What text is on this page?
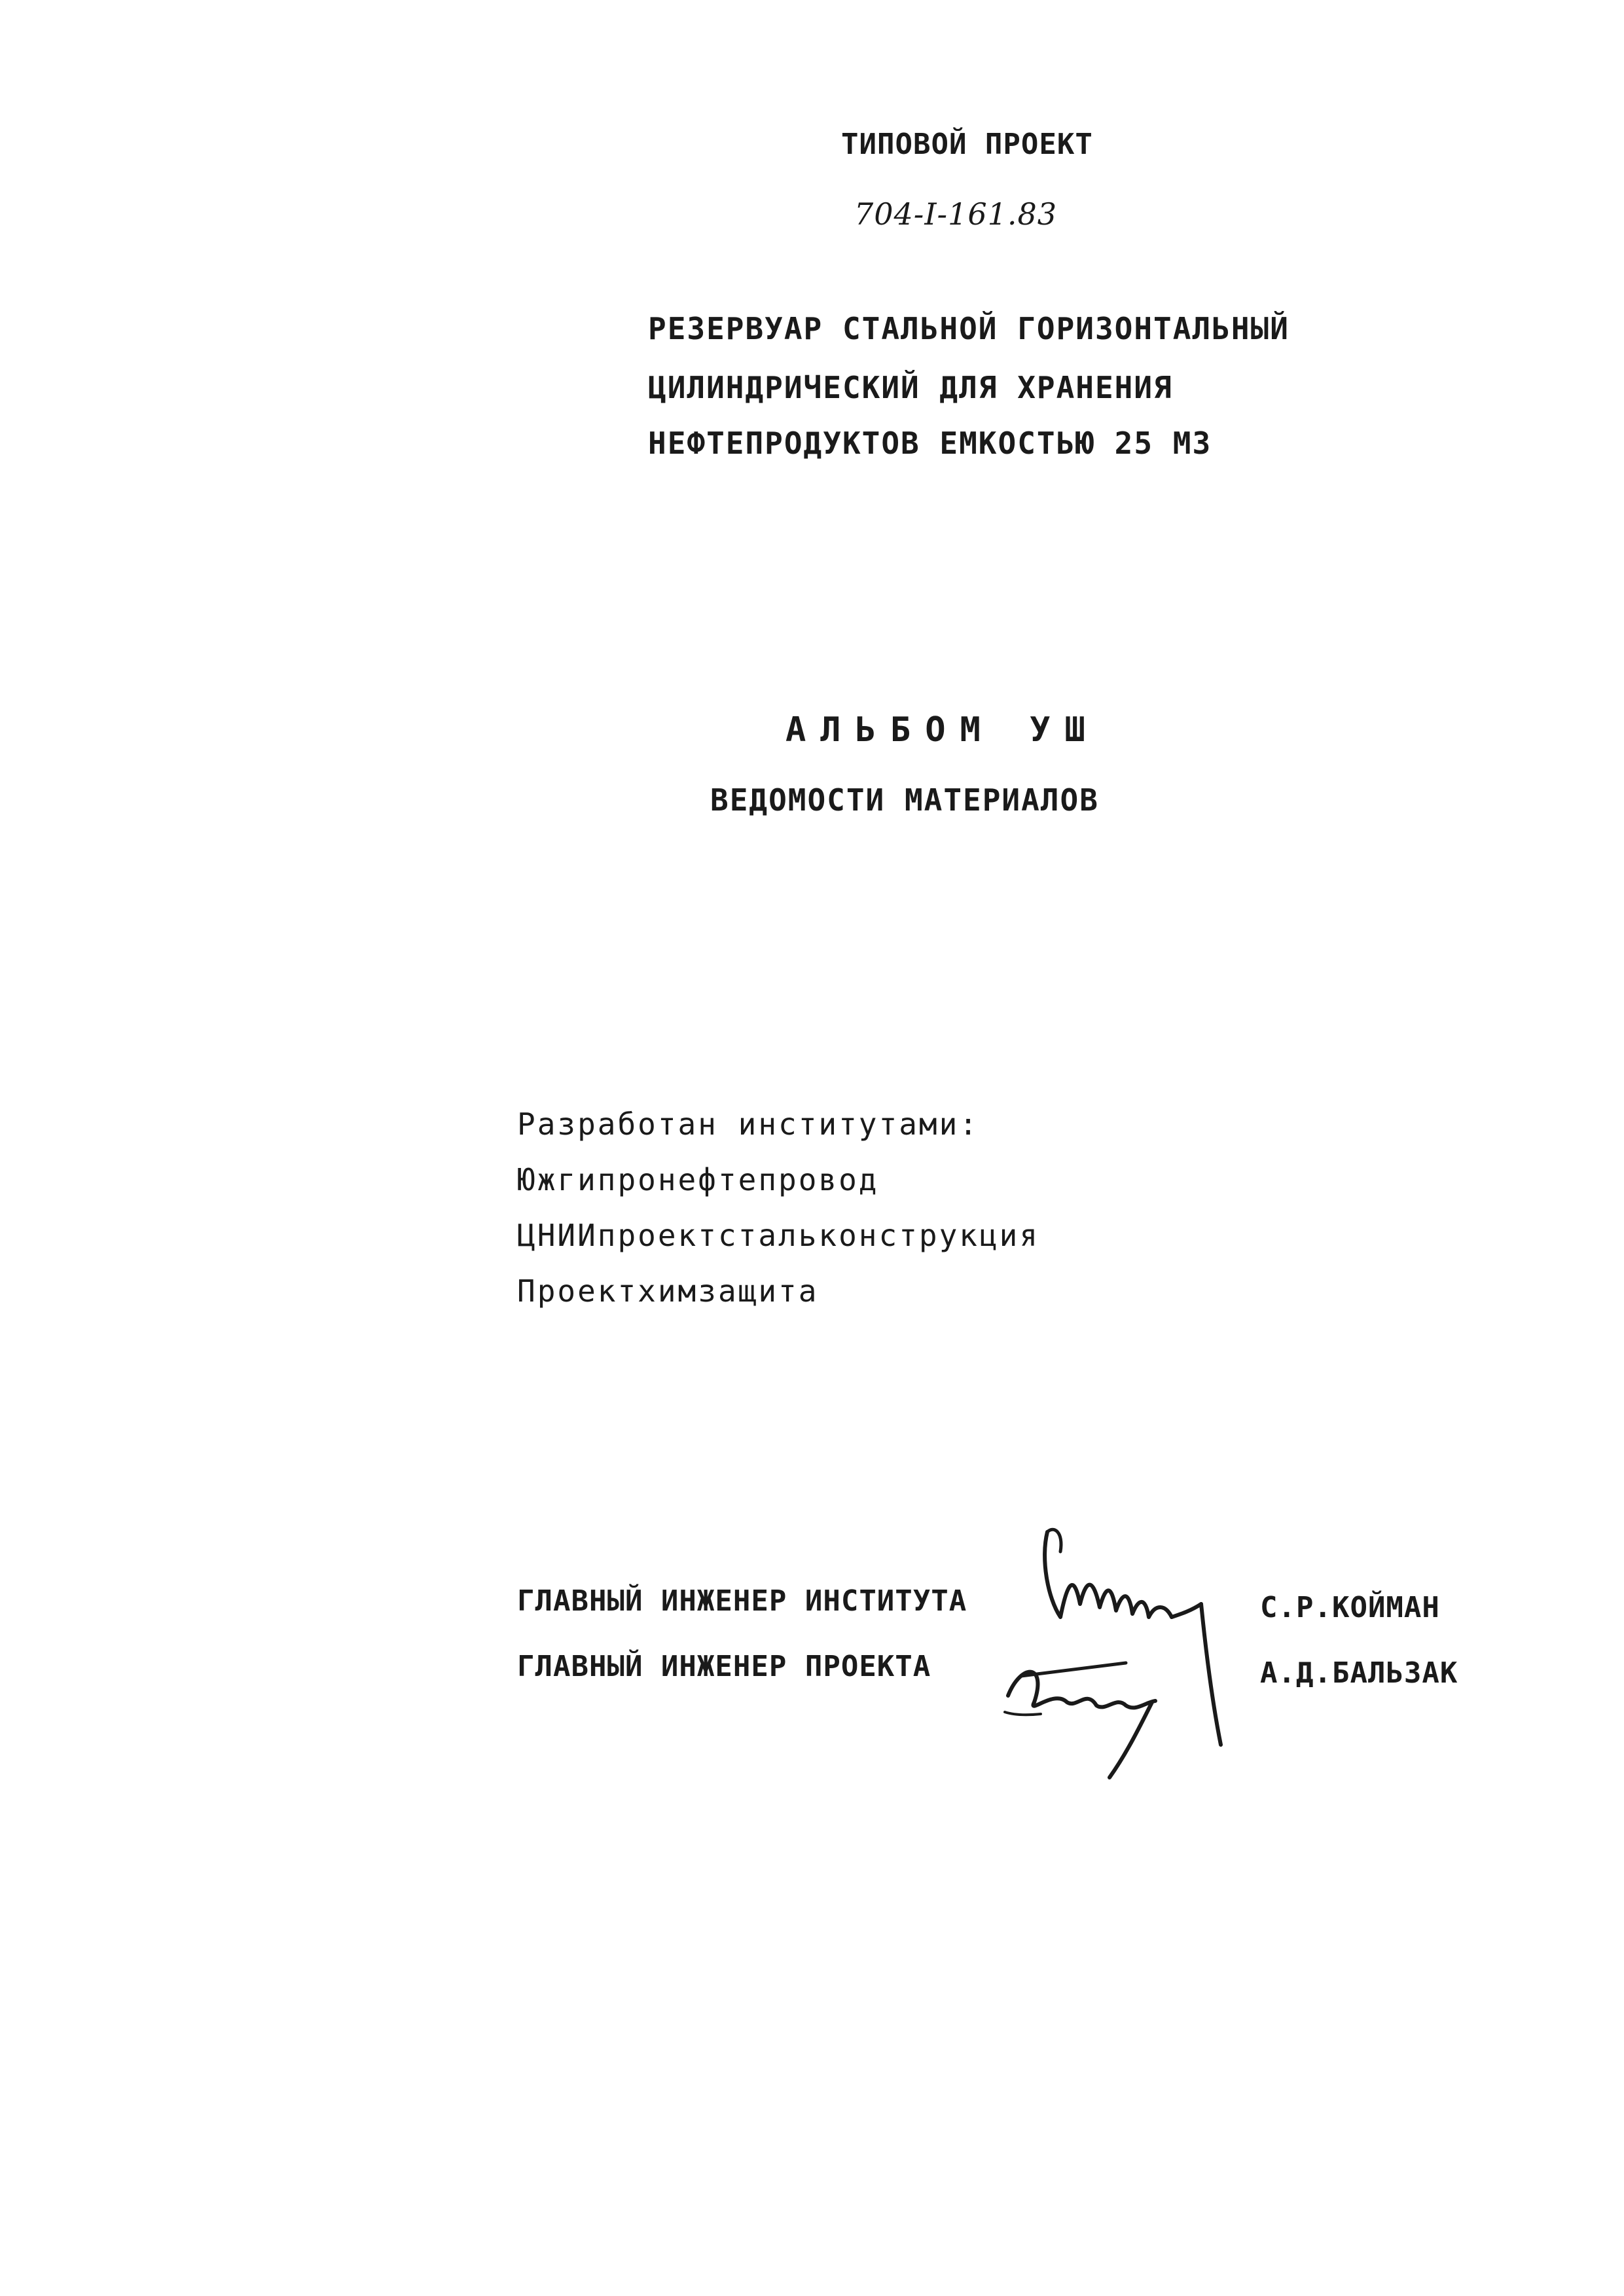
ТИПОВОЙ ПРОЕКТ
704-I-161.83
РЕЗЕРВУАР СТАЛЬНОЙ ГОРИЗОНТАЛЬНЫЙ
ЦИЛИНДРИЧЕСКИЙ ДЛЯ ХРАНЕНИЯ
НЕФТЕПРОДУКТОВ ЕМКОСТЬЮ 25 М3
АЛЬБОМ УШ
ВЕДОМОСТИ МАТЕРИАЛОВ
Разработан институтами:
Южгипронефтепровод
ЦНИИпроектстальконструкция
Проектхимзащита
ГЛАВНЫЙ ИНЖЕНЕР ИНСТИТУТА	С.Р.КОЙМАН
ГЛАВНЫЙ ИНЖЕНЕР ПРОЕКТА	А.Д.БАЛЬЗАК
